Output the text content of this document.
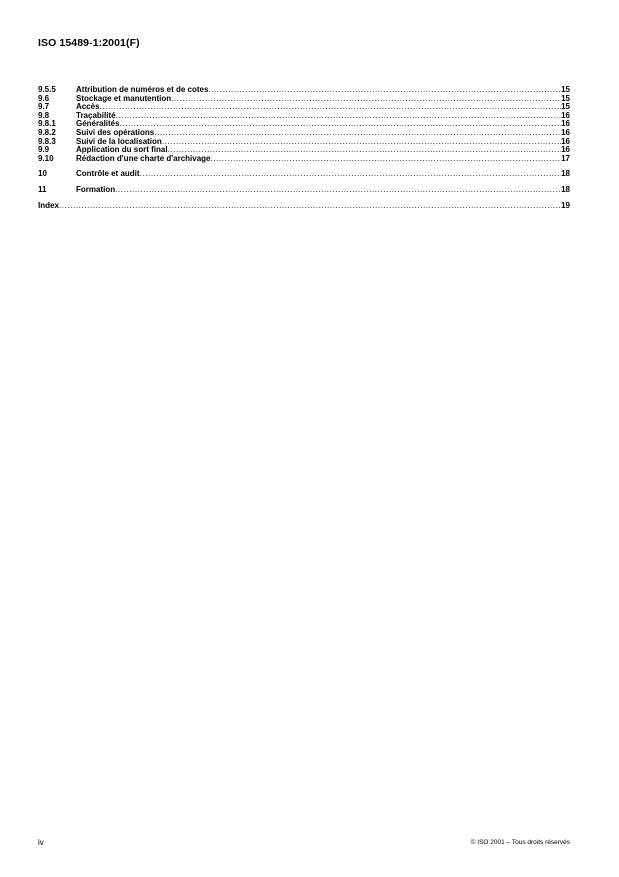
ISO 15489-1:2001(F)
9.5.5	Attribution de numéros et de cotes .....	15
9.6	Stockage et manutention .....	15
9.7	Accès .....	15
9.8	Traçabilité .....	16
9.8.1	Généralités .....	16
9.8.2	Suivi des opérations .....	16
9.8.3	Suivi de la localisation .....	16
9.9	Application du sort final .....	16
9.10	Rédaction d'une charte d'archivage .....	17
10	Contrôle et audit .....	18
11	Formation .....	18
Index .....	19
iv	© ISO 2001 – Tous droits réservés
